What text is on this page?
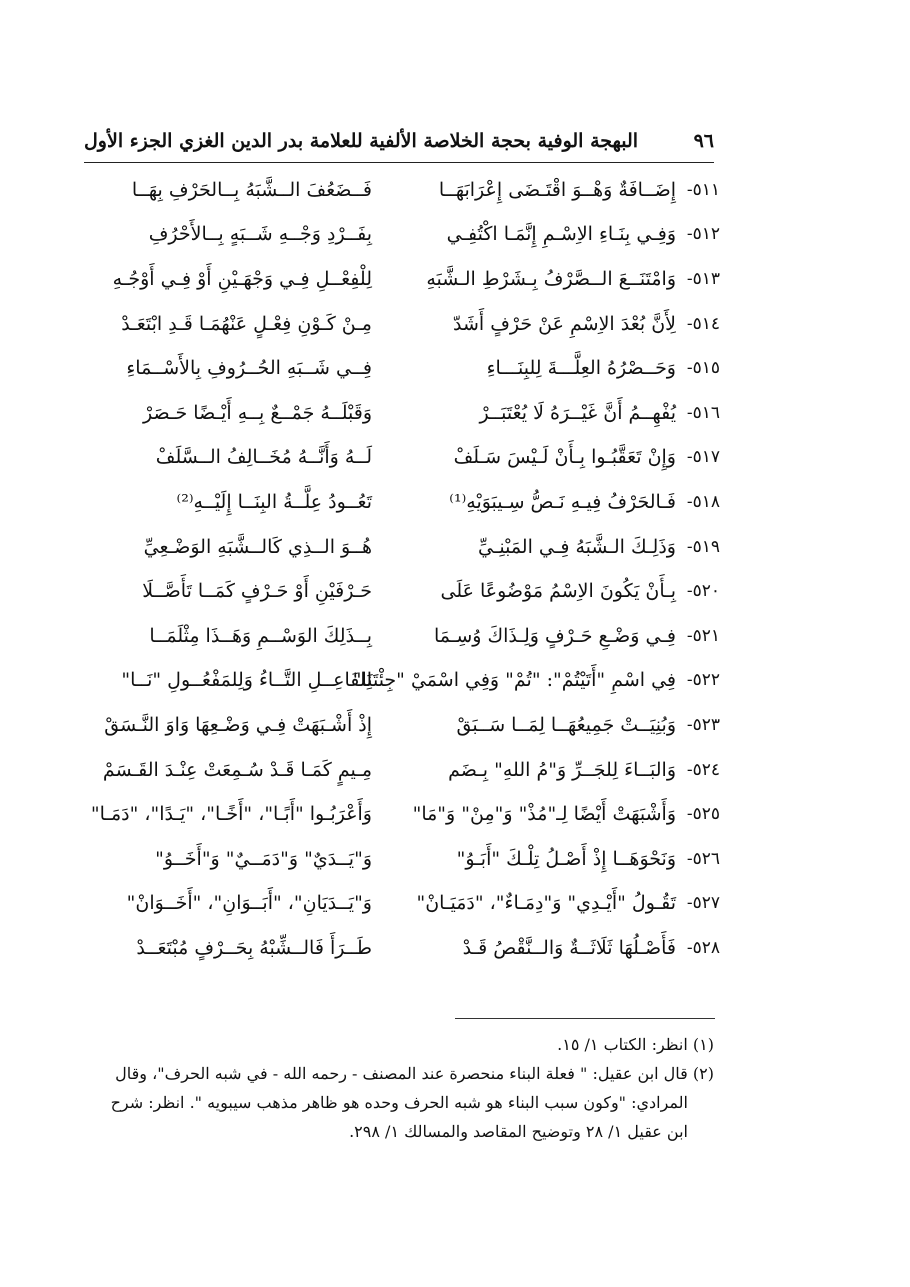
٩٦
البهجة الوفية بحجة الخلاصة الألفية للعلامة بدر الدين الغزي الجزء الأول
٥١١-
إِضَــافَةٌ وَهْــوَ اقْتَـضَى إِعْرَابَهَــا
فَــضَعُفَ الــشَّبَهُ بِــالحَرْفِ بِهَــا
٥١٢-
وَفِـي بِنَـاءِ الاِسْـمِ إِنَّمَـا اكْتُفِـي
بِفَــرْدِ وَجْــهِ شَــبَهٍ بِــالأَحْرُفِ
٥١٣-
وَامْتَنَــعَ الــصَّرْفُ بِـشَرْطِ الـشَّبَهِ
لِلْفِعْــلِ فِـي وَجْهَـيْنِ أَوْ فِـي أَوْجُـهِ
٥١٤-
لِأَنَّ بُعْدَ الاِسْمِ عَنْ حَرْفٍ أَشَدّ
مِـنْ كَـوْنِ فِعْـلٍ عَنْهُمَـا قَـدِ ابْتَعَـدْ
٥١٥-
وَحَــصْرُهُ العِلَّـــةَ لِلبِنَـــاءِ
فِــي شَــبَهِ الحُــرُوفِ بِالأَسْــمَاءِ
٥١٦-
يُفْهِــمُ أَنَّ غَيْــرَهُ لَا يُعْتَبَــرْ
وَقَبْلَــهُ جَمْــعٌ بِــهِ أَيْـضًا حَـصَرْ
٥١٧-
وَإِنْ تَعَقَّبُـوا بِـأَنْ لَـيْسَ سَـلَفْ
لَــهُ وَأَنَّــهُ مُخَــالِفُ الــسَّلَفْ
٥١٨-
فَـالحَرْفُ فِيـهِ نَـصُّ سِـيبَوَيْهِ⁽¹⁾
تَعُــودُ عِلَّــةُ البِنَــا إِلَيْــهِ⁽²⁾
٥١٩-
وَذَلِـكَ الـشَّبَهُ فِـي المَبْنِـيِّ
هُــوَ الــذِي كَالــشَّبَهِ الوَضْـعِيِّ
٥٢٠-
بِـأَنْ يَكُونَ الاِسْمُ مَوْضُوعًا عَلَى
حَـرْفَيْنِ أَوْ حَـرْفٍ كَمَــا تَأَصَّــلَا
٥٢١-
فِـي وَضْـعِ حَـرْفٍ وَلِـذَاكَ وُسِـمَا
بِــذَلِكَ الوَسْــمِ وَهَــذَا مِثْلَمَــا
٥٢٢-
فِي اسْمِ "أَتَيْتُمْ": "تُمْ" وَفِي اسْمَيْ "جِئْتَنَا"
لِلفَاعِــلِ التَّــاءُ وَلِلمَفْعُــولِ "نَــا"
٥٢٣-
وَبُنِيَــتْ جَمِيعُهَــا لِمَــا سَــبَقْ
إِذْ أَشْـبَهَتْ فِـي وَضْـعِهَا وَاوَ النَّـسَقْ
٥٢٤-
وَالبَــاءَ لِلجَــرِّ وَ"مُ اللهِ" بِـضَم
مِـيمٍ كَمَـا قَـدْ سُـمِعَتْ عِنْـدَ القَـسَمْ
٥٢٥-
وَأَشْبَهَتْ أَيْضًا لِـ"مُذْ" وَ"مِنْ" وَ"مَا"
وَأَعْرَبُـوا "أَبًـا"، "أَخًـا"، "يَـدًا"، "دَمَـا"
٥٢٦-
وَنَحْوَهَــا إِذْ أَصْـلُ تِلْـكَ "أَبَـوُ"
وَ"يَــدَيٌ" وَ"دَمَــيٌ" وَ"أَخَــوُ"
٥٢٧-
تَقُـولُ "أَيْـدِي" وَ"دِمَـاءٌ"، "دَمَيَـانْ"
وَ"يَــدَيَانِ"، "أَبَــوَانِ"، "أَخَــوَانْ"
٥٢٨-
فَأَصْـلُهَا ثَلَاثَــةٌ وَالــنَّقْصُ قَـدْ
طَــرَأَ فَالــشِّبْهُ بِحَــرْفٍ مُبْتَعَــدْ

(١) انظر: الكتاب ١/ ١٥.

(٢) قال ابن عقيل: " فعلة البناء منحصرة عند المصنف - رحمه الله - في شبه الحرف"، وقال

المرادي: "وكون سبب البناء هو شبه الحرف وحده هو ظاهر مذهب سيبويه ". انظر: شرح

ابن عقيل ١/ ٢٨ وتوضيح المقاصد والمسالك ١/ ٢٩٨.
